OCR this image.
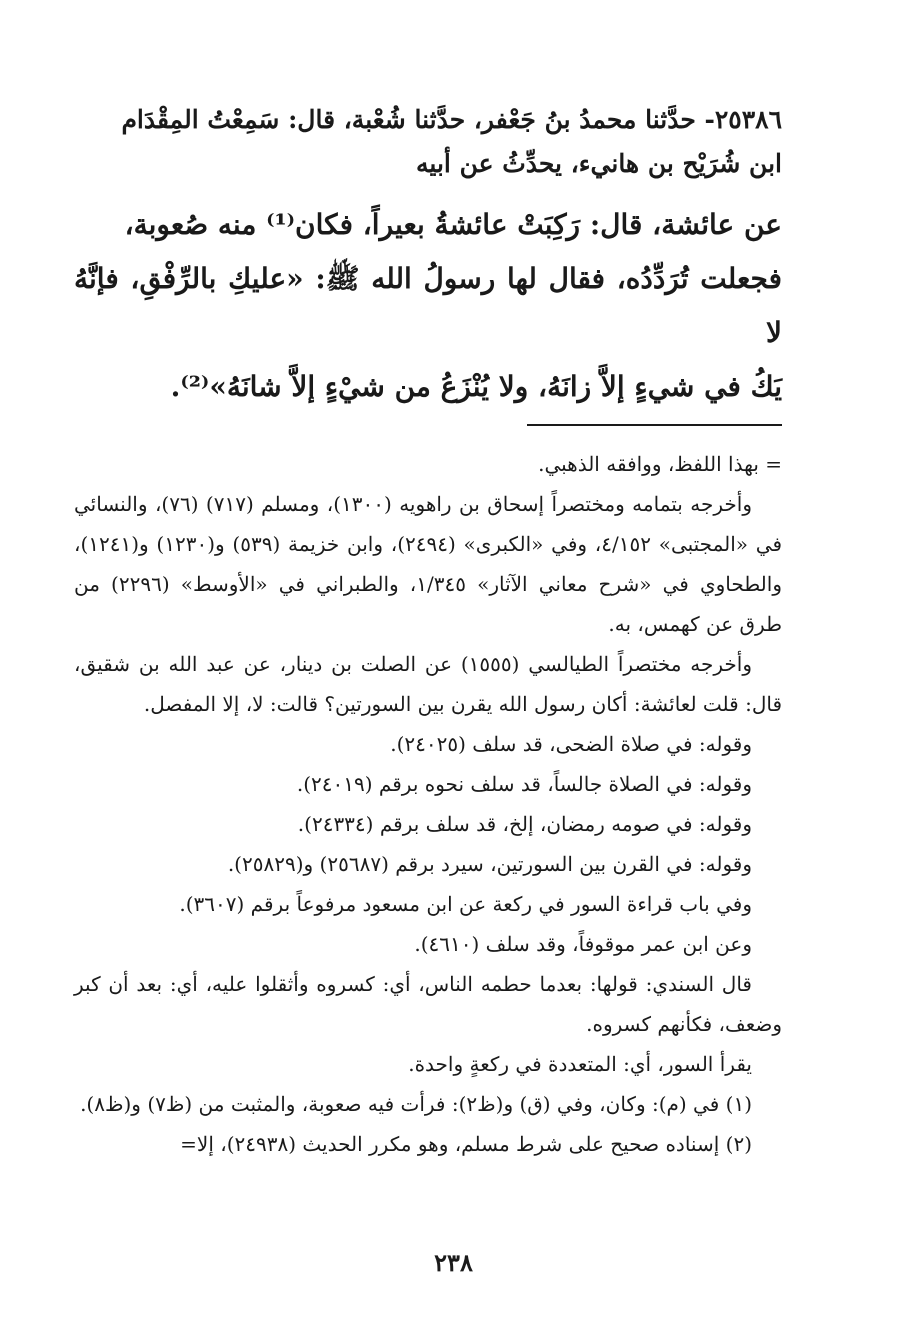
٢٥٣٨٦- حدَّثنا محمدُ بنُ جَعْفر، حدَّثنا شُعْبة، قال: سَمِعْتُ المِقْدَام

ابن شُرَيْح بن هانيء، يحدِّثُ عن أبيه

عن عائشة، قال: رَكِبَتْ عائشةُ بعيراً، فكان⁽¹⁾ منه صُعوبة،

فجعلت تُرَدِّدُه، فقال لها رسولُ الله ﷺ: «عليكِ بالرِّفْقِ، فإنَّهُ لا

يَكُ في شيءٍ إلاَّ زانَهُ، ولا يُنْزَعُ من شيْءٍ إلاَّ شانَهُ»⁽²⁾.

= بهذا اللفظ، ووافقه الذهبي.

وأخرجه بتمامه ومختصراً إسحاق بن راهويه (١٣٠٠)، ومسلم (٧١٧) (٧٦)، والنسائي في «المجتبى» ٤/١٥٢، وفي «الكبرى» (٢٤٩٤)، وابن خزيمة (٥٣٩) و(١٢٣٠) و(١٢٤١)، والطحاوي في «شرح معاني الآثار» ١/٣٤٥، والطبراني في «الأوسط» (٢٢٩٦) من طرق عن كهمس، به.

وأخرجه مختصراً الطيالسي (١٥٥٥) عن الصلت بن دينار، عن عبد الله بن شقيق، قال: قلت لعائشة: أكان رسول الله يقرن بين السورتين؟ قالت: لا، إلا المفصل.

وقوله: في صلاة الضحى، قد سلف (٢٤٠٢٥).

وقوله: في الصلاة جالساً، قد سلف نحوه برقم (٢٤٠١٩).

وقوله: في صومه رمضان، إلخ، قد سلف برقم (٢٤٣٣٤).

وقوله: في القرن بين السورتين، سيرد برقم (٢٥٦٨٧) و(٢٥٨٢٩).

وفي باب قراءة السور في ركعة عن ابن مسعود مرفوعاً برقم (٣٦٠٧).

وعن ابن عمر موقوفاً، وقد سلف (٤٦١٠).

قال السندي: قولها: بعدما حطمه الناس، أي: كسروه وأثقلوا عليه، أي: بعد أن كبر وضعف، فكأنهم كسروه.

يقرأ السور، أي: المتعددة في ركعةٍ واحدة.

(١) في (م): وكان، وفي (ق) و(ظ٢): فرأت فيه صعوبة، والمثبت من (ظ٧) و(ظ٨).

(٢) إسناده صحيح على شرط مسلم، وهو مكرر الحديث (٢٤٩٣٨)، إلا=

٢٣٨
